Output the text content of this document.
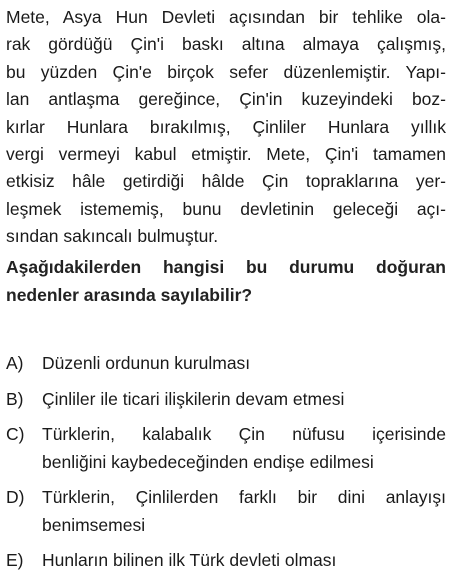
Mete, Asya Hun Devleti açısından bir tehlike ola-
rak gördüğü Çin'i baskı altına almaya çalışmış,
bu yüzden Çin'e birçok sefer düzenlemiştir. Yapı-
lan antlaşma gereğince, Çin'in kuzeyindeki boz-
kırlar Hunlara bırakılmış, Çinliler Hunlara yıllık
vergi vermeyi kabul etmiştir. Mete, Çin'i tamamen
etkisiz hâle getirdiği hâlde Çin topraklarına yer-
leşmek istememiş, bunu devletinin geleceği açı-
sından sakıncalı bulmuştur.
Aşağıdakilerden hangisi bu durumu doğuran
nedenler arasında sayılabilir?
A)	Düzenli ordunun kurulması
B)	Çinliler ile ticari ilişkilerin devam etmesi
C)	Türklerin, kalabalık Çin nüfusu içerisinde
benliğini kaybedeceğinden endişe edilmesi
D)	Türklerin, Çinlilerden farklı bir dini anlayışı
benimsemesi
E)	Hunların bilinen ilk Türk devleti olması
